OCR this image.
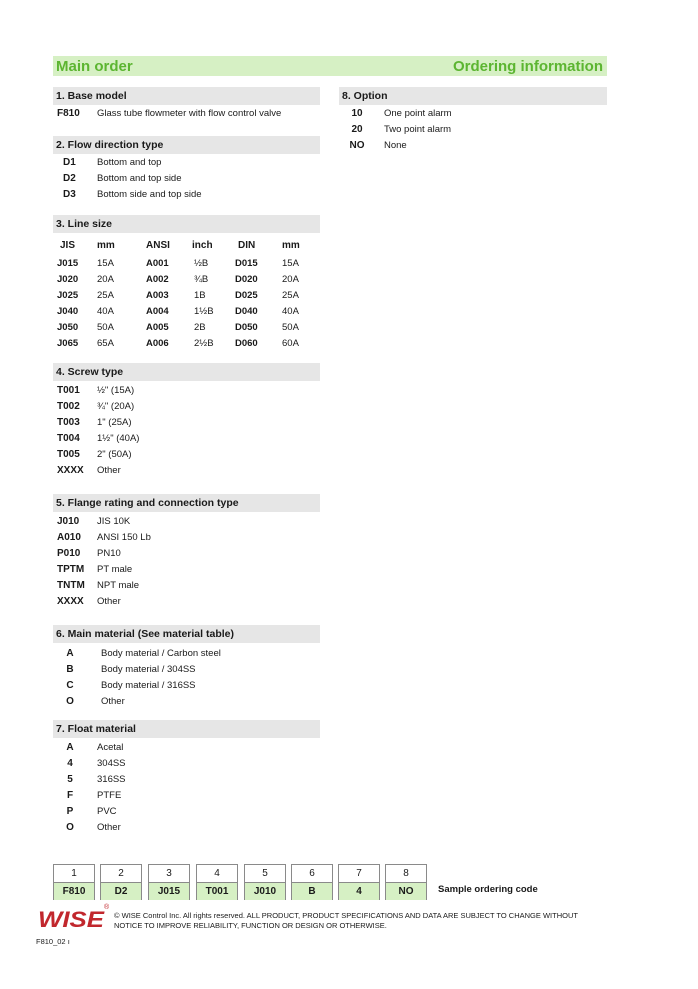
Main order	Ordering information
1. Base model
F810 Glass tube flowmeter with flow control valve
2. Flow direction type
D1 Bottom and top
D2 Bottom and top side
D3 Bottom side and top side
3. Line size
JIS mm	ANSI inch	DIN	mm
J015 15A	A001	½B	D015	15A
J020 20A	A002	¾B	D020	20A
J025 25A	A003	1B	D025	25A
J040 40A	A004	1½B D040	40A
J050 50A	A005	2B	D050	50A
J065 65A	A006	2½B D060	60A
4. Screw type
T001 ½" (15A)
T002 ¾" (20A)
T003 1" (25A)
T004 1½" (40A)
T005 2" (50A)
XXXX Other
5. Flange rating and connection type
J010 JIS 10K
A010 ANSI 150 Lb
P010 PN10
TPTM PT male
TNTM NPT male
XXXX Other
6. Main material (See material table)
A	Body material / Carbon steel
B	Body material / 304SS
C	Body material / 316SS
O	Other
7. Float material
A	Acetal
4	304SS
5	316SS
F	PTFE
P	PVC
O	Other
8. Option
10	One point alarm
20	Two point alarm
NO	None
1
F810
2
D2
3
J015
4
T001
5
J010
6
B
7
4
8
NO	Sample ordering code
WISE
®
© WISE Control Inc. All rights reserved. ALL PRODUCT, PRODUCT SPECIFICATIONS AND DATA ARE SUBJECT TO CHANGE WITHOUT
NOTICE TO IMPROVE RELIABILITY, FUNCTION OR DESIGN OR OTHERWISE.
F810_02 ı
